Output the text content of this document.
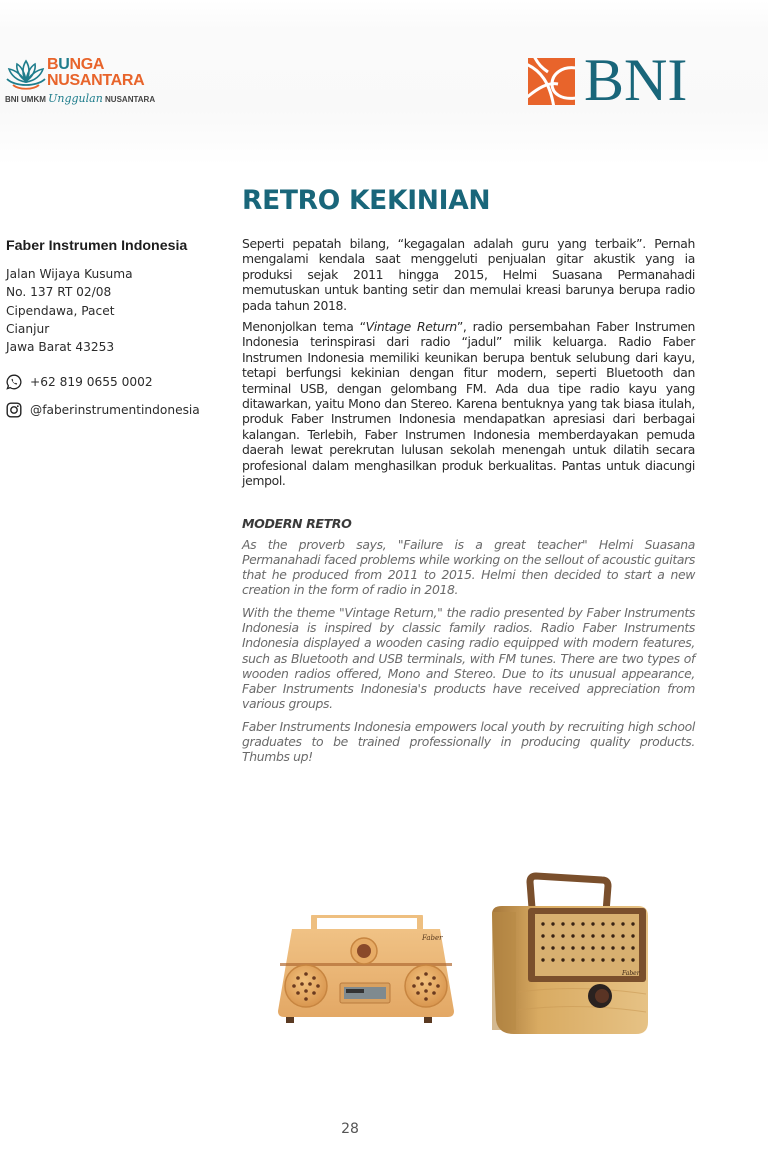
BUNGA
NUSANTARA
BNI UMKM Unggulan NUSANTARA	BNI
Faber Instrumen Indonesia
Jalan Wijaya Kusuma
No. 137 RT 02/08
Cipendawa, Pacet
Cianjur
Jawa Barat 43253
+62 819 0655 0002
@faberinstrumentindonesia
RETRO KEKINIAN

Seperti pepatah bilang, “kegagalan adalah guru yang terbaik”. Pernah mengalami kendala saat menggeluti penjualan gitar akustik yang ia produksi sejak 2011 hingga 2015, Helmi Suasana Permanahadi memutuskan untuk banting setir dan memulai kreasi barunya berupa radio pada tahun 2018.

Menonjolkan tema “Vintage Return”, radio persembahan Faber Instrumen Indonesia terinspirasi dari radio “jadul” milik keluarga. Radio Faber Instrumen Indonesia memiliki keunikan berupa bentuk selubung dari kayu, tetapi berfungsi kekinian dengan fitur modern, seperti Bluetooth dan terminal USB, dengan gelombang FM. Ada dua tipe radio kayu yang ditawarkan, yaitu Mono dan Stereo. Karena bentuknya yang tak biasa itulah, produk Faber Instrumen Indonesia mendapatkan apresiasi dari berbagai kalangan. Terlebih, Faber Instrumen Indonesia memberdayakan pemuda daerah lewat perekrutan lulusan sekolah menengah untuk dilatih secara profesional dalam menghasilkan produk berkualitas. Pantas untuk diacungi jempol.

MODERN RETRO

As the proverb says, "Failure is a great teacher" Helmi Suasana Permanahadi faced problems while working on the sellout of acoustic guitars that he produced from 2011 to 2015. Helmi then decided to start a new creation in the form of radio in 2018.

With the theme "Vintage Return," the radio presented by Faber Instruments Indonesia is inspired by classic family radios. Radio Faber Instruments Indonesia displayed a wooden casing radio equipped with modern features, such as Bluetooth and USB terminals, with FM tunes. There are two types of wooden radios offered, Mono and Stereo. Due to its unusual appearance, Faber Instruments Indonesia's products have received appreciation from various groups.

Faber Instruments Indonesia empowers local youth by recruiting high school graduates to be trained professionally in producing quality products. Thumbs up!

Faber
Faber
28
